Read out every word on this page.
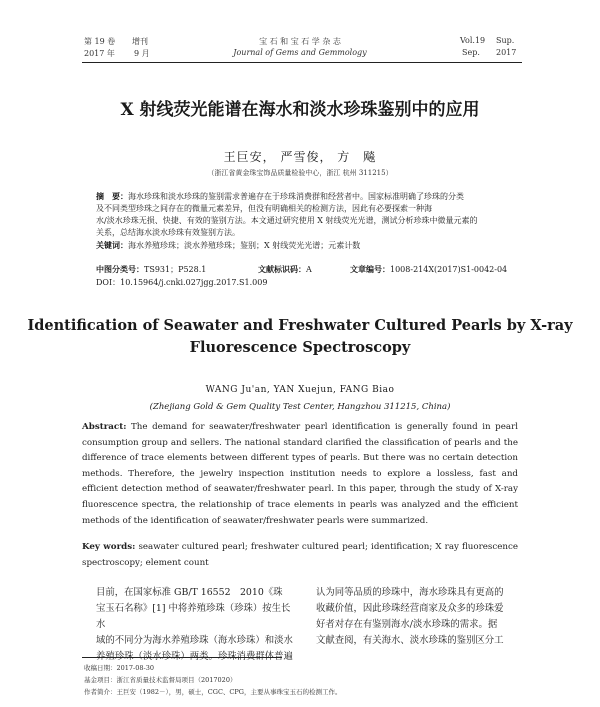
第 19 卷 增刊
2017 年 9 月
宝 石 和 宝 石 学 杂 志
Journal of Gems and Gemmology
Vol.19 Sup.
Sep. 2017
X 射线荧光能谱在海水和淡水珍珠鉴别中的应用
王巨安， 严雪俊， 方　飚
（浙江省黄金珠宝饰品质量检验中心，浙江 杭州 311215）
摘　要：海水珍珠和淡水珍珠的鉴别需求普遍存在于珍珠消费群和经营者中。国家标准明确了珍珠的分类
及不同类型珍珠之间存在的微量元素差异，但没有明确相关的检测方法，因此有必要探索一种海
水/淡水珍珠无损、快捷、有效的鉴别方法。本文通过研究使用 X 射线荧光光谱，测试分析珍珠中微量元素的
关系，总结海水淡水珍珠有效鉴别方法。
关键词：海水养殖珍珠；淡水养殖珍珠；鉴别；X 射线荧光光谱；元素计数
中图分类号：TS931；P528.1	文献标识码：A	文章编号：1008-214X(2017)S1-0042-04
DOI：10.15964/j.cnki.027jgg.2017.S1.009
Identification of Seawater and Freshwater Cultured Pearls by X-ray Fluorescence Spectroscopy
WANG Ju'an, YAN Xuejun, FANG Biao
(Zhejiang Gold & Gem Quality Test Center, Hangzhou 311215, China)
Abstract: The demand for seawater/freshwater pearl identification is generally found in pearl consumption group and sellers. The national standard clarified the classification of pearls and the difference of trace elements between different types of pearls. But there was no certain detection methods. Therefore, the jewelry inspection institution needs to explore a lossless, fast and efficient detection method of seawater/freshwater pearl. In this paper, through the study of X-ray fluorescence spectra, the relationship of trace elements in pearls was analyzed and the efficient methods of the identification of seawater/freshwater pearls were summarized.
Key words: seawater cultured pearl; freshwater cultured pearl; identification; X ray fluorescence spectroscopy; element count
目前，在国家标准 GB/T 16552　2010《珠
宝玉石名称》[1] 中将养殖珍珠（珍珠）按生长水
域的不同分为海水养殖珍珠（海水珍珠）和淡水
养殖珍珠（淡水珍珠）两类。珍珠消费群体普遍
认为同等品质的珍珠中，海水珍珠具有更高的
收藏价值，因此珍珠经营商家及众多的珍珠爱
好者对存在有鉴别海水/淡水珍珠的需求。据
文献查阅，有关海水、淡水珍珠的鉴别区分工
收稿日期：2017-08-30
基金项目：浙江省质量技术监督局项目（2017020）
作者简介：王巨安（1982－），男，硕士，CGC、CPG，主要从事珠宝玉石的检测工作。
